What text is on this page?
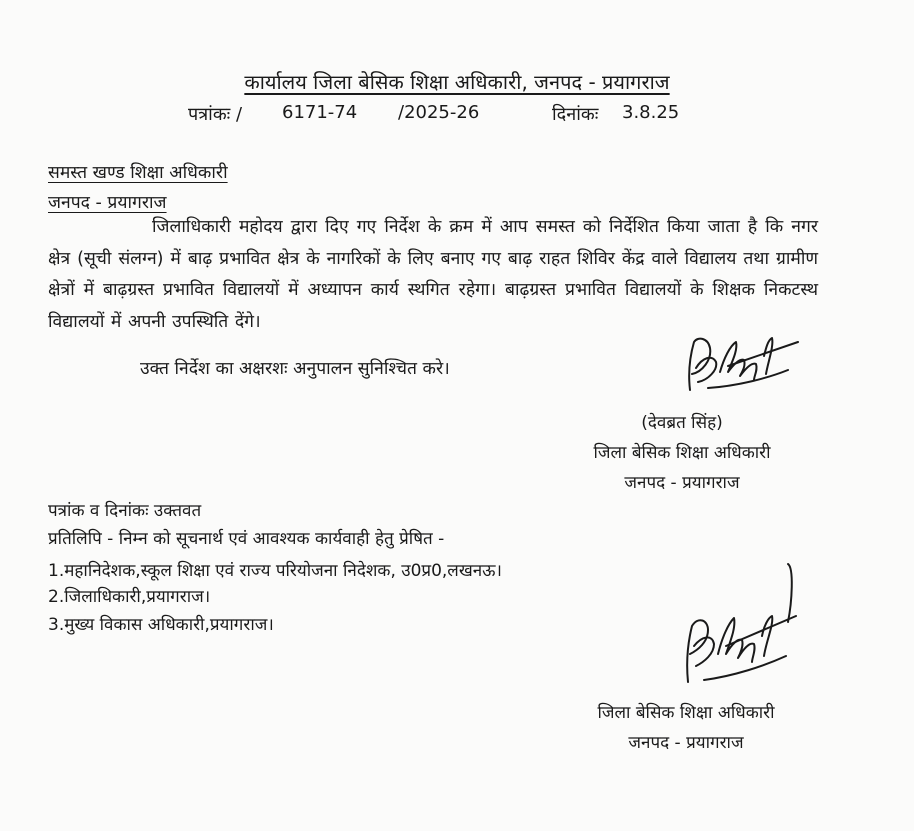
कार्यालय जिला बेसिक शिक्षा अधिकारी, जनपद - प्रयागराज
पत्रांकः / 6171-74 /2025-26	दिनांकः 3.8.25
समस्त खण्ड शिक्षा अधिकारी
जनपद - प्रयागराज
जिलाधिकारी महोदय द्वारा दिए गए निर्देश के क्रम में आप समस्त को निर्देशित किया जाता है कि नगर क्षेत्र (सूची संलग्न) में बाढ़ प्रभावित क्षेत्र के नागरिकों के लिए बनाए गए बाढ़ राहत शिविर केंद्र वाले विद्यालय तथा ग्रामीण क्षेत्रों में बाढ़ग्रस्त प्रभावित विद्यालयों में अध्यापन कार्य स्थगित रहेगा। बाढ़ग्रस्त प्रभावित विद्यालयों के शिक्षक निकटस्थ विद्यालयों में अपनी उपस्थिति देंगे।
उक्त निर्देश का अक्षरशः अनुपालन सुनिश्चित करे।
(देवब्रत सिंह)
जिला बेसिक शिक्षा अधिकारी
जनपद - प्रयागराज
पत्रांक व दिनांकः उक्तवत
प्रतिलिपि - निम्न को सूचनार्थ एवं आवश्यक कार्यवाही हेतु प्रेषित -
1.महानिदेशक,स्कूल शिक्षा एवं राज्य परियोजना निदेशक, उ0प्र0,लखनऊ।
2.जिलाधिकारी,प्रयागराज।
3.मुख्य विकास अधिकारी,प्रयागराज।
जिला बेसिक शिक्षा अधिकारी
जनपद - प्रयागराज
